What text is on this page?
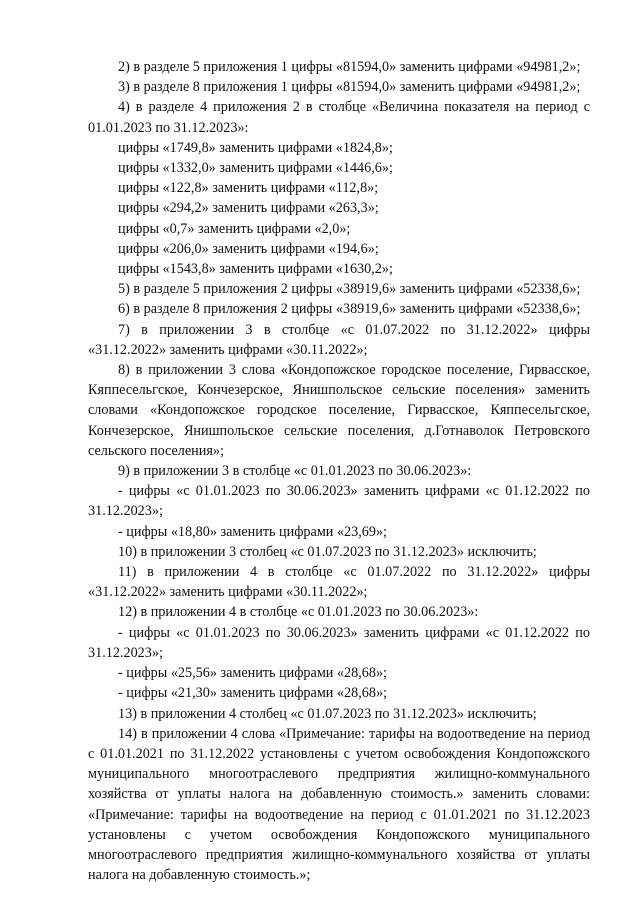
2) в разделе 5 приложения 1 цифры «81594,0» заменить цифрами «94981,2»;

3) в разделе 8 приложения 1 цифры «81594,0» заменить цифрами «94981,2»;

4) в разделе 4 приложения 2 в столбце «Величина показателя на период с 01.01.2023 по 31.12.2023»:

цифры «1749,8» заменить цифрами «1824,8»;

цифры «1332,0» заменить цифрами «1446,6»;

цифры «122,8» заменить цифрами «112,8»;

цифры «294,2» заменить цифрами «263,3»;

цифры «0,7» заменить цифрами «2,0»;

цифры «206,0» заменить цифрами «194,6»;

цифры «1543,8» заменить цифрами «1630,2»;

5) в разделе 5 приложения 2 цифры «38919,6» заменить цифрами «52338,6»;

6) в разделе 8 приложения 2 цифры «38919,6» заменить цифрами «52338,6»;

7) в приложении 3 в столбце «с 01.07.2022 по 31.12.2022» цифры «31.12.2022» заменить цифрами «30.11.2022»;

8) в приложении 3 слова «Кондопожское городское поселение, Гирвасское, Кяппесельгское, Кончезерское, Янишпольское сельские поселения» заменить словами «Кондопожское городское поселение, Гирвасское, Кяппесельгское, Кончезерское, Янишпольское сельские поселения, д.Готнаволок Петровского сельского поселения»;

9) в приложении 3 в столбце «с 01.01.2023 по 30.06.2023»:

- цифры «с 01.01.2023 по 30.06.2023» заменить цифрами «с 01.12.2022 по 31.12.2023»;

- цифры «18,80» заменить цифрами «23,69»;

10) в приложении 3 столбец «с 01.07.2023 по 31.12.2023» исключить;

11) в приложении 4 в столбце «с 01.07.2022 по 31.12.2022» цифры «31.12.2022» заменить цифрами «30.11.2022»;

12) в приложении 4 в столбце «с 01.01.2023 по 30.06.2023»:

- цифры «с 01.01.2023 по 30.06.2023» заменить цифрами «с 01.12.2022 по 31.12.2023»;

- цифры «25,56» заменить цифрами «28,68»;

- цифры «21,30» заменить цифрами «28,68»;

13) в приложении 4 столбец «с 01.07.2023 по 31.12.2023» исключить;

14) в приложении 4 слова «Примечание: тарифы на водоотведение на период с 01.01.2021 по 31.12.2022 установлены с учетом освобождения Кондопожского муниципального многоотраслевого предприятия жилищно-коммунального хозяйства от уплаты налога на добавленную стоимость.» заменить словами: «Примечание: тарифы на водоотведение на период с 01.01.2021 по 31.12.2023 установлены с учетом освобождения Кондопожского муниципального многоотраслевого предприятия жилищно-коммунального хозяйства от уплаты налога на добавленную стоимость.»;
